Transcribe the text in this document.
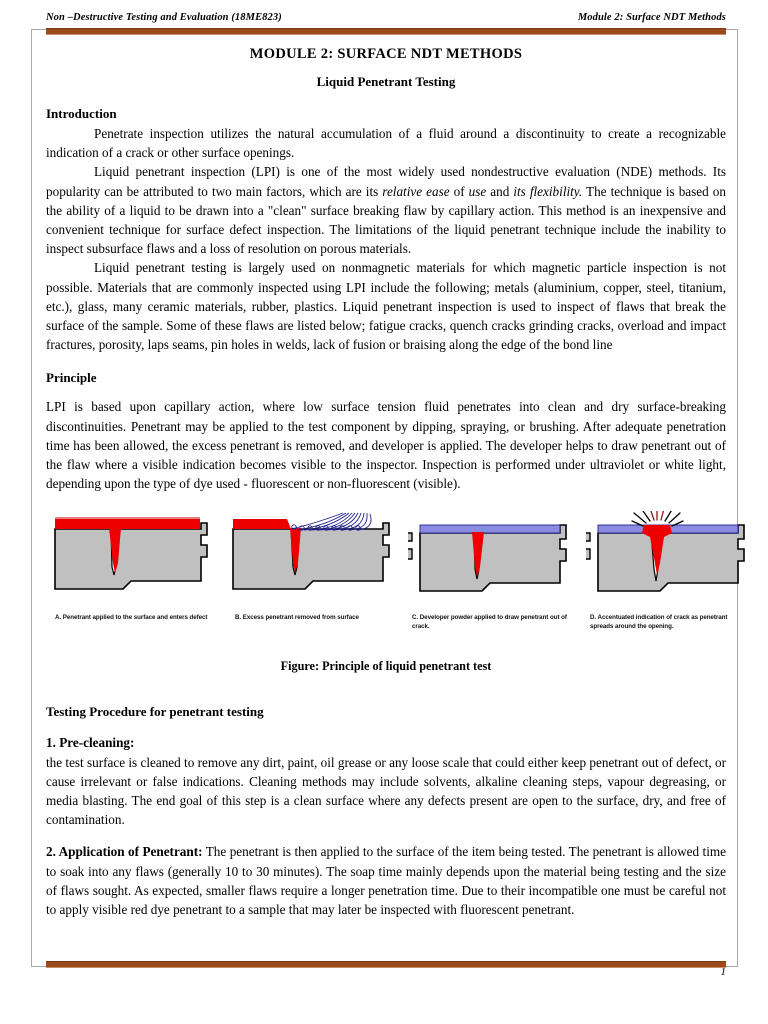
Non –Destructive Testing and Evaluation (18ME823)	Module 2: Surface NDT Methods
MODULE 2: SURFACE NDT METHODS
Liquid Penetrant Testing
Introduction

Penetrate inspection utilizes the natural accumulation of a fluid around a discontinuity to create a recognizable indication of a crack or other surface openings.

Liquid penetrant inspection (LPI) is one of the most widely used nondestructive evaluation (NDE) methods. Its popularity can be attributed to two main factors, which are its relative ease of use and its flexibility. The technique is based on the ability of a liquid to be drawn into a "clean" surface breaking flaw by capillary action. This method is an inexpensive and convenient technique for surface defect inspection. The limitations of the liquid penetrant technique include the inability to inspect subsurface flaws and a loss of resolution on porous materials.

Liquid penetrant testing is largely used on nonmagnetic materials for which magnetic particle inspection is not possible. Materials that are commonly inspected using LPI include the following; metals (aluminium, copper, steel, titanium, etc.), glass, many ceramic materials, rubber, plastics. Liquid penetrant inspection is used to inspect of flaws that break the surface of the sample. Some of these flaws are listed below; fatigue cracks, quench cracks grinding cracks, overload and impact fractures, porosity, laps seams, pin holes in welds, lack of fusion or braising along the edge of the bond line

Principle

LPI is based upon capillary action, where low surface tension fluid penetrates into clean and dry surface-breaking discontinuities. Penetrant may be applied to the test component by dipping, spraying, or brushing. After adequate penetration time has been allowed, the excess penetrant is removed, and developer is applied. The developer helps to draw penetrant out of the flaw where a visible indication becomes visible to the inspector. Inspection is performed under ultraviolet or white light, depending upon the type of dye used - fluorescent or non-fluorescent (visible).

A. Penetrant applied to the surface and enters defect	B. Excess penetrant removed from surface	C. Developer powder applied to draw penetrant out of crack.
D. Accentuated indication of crack as penetrant spreads around the opening.
Figure: Principle of liquid penetrant test
Testing Procedure for penetrant testing

1. Pre-cleaning:

the test surface is cleaned to remove any dirt, paint, oil grease or any loose scale that could either keep penetrant out of defect, or cause irrelevant or false indications. Cleaning methods may include solvents, alkaline cleaning steps, vapour degreasing, or media blasting. The end goal of this step is a clean surface where any defects present are open to the surface, dry, and free of contamination.

2. Application of Penetrant: The penetrant is then applied to the surface of the item being tested. The penetrant is allowed time to soak into any flaws (generally 10 to 30 minutes). The soap time mainly depends upon the material being testing and the size of flaws sought. As expected, smaller flaws require a longer penetration time. Due to their incompatible one must be careful not to apply visible red dye penetrant to a sample that may later be inspected with fluorescent penetrant.

1
